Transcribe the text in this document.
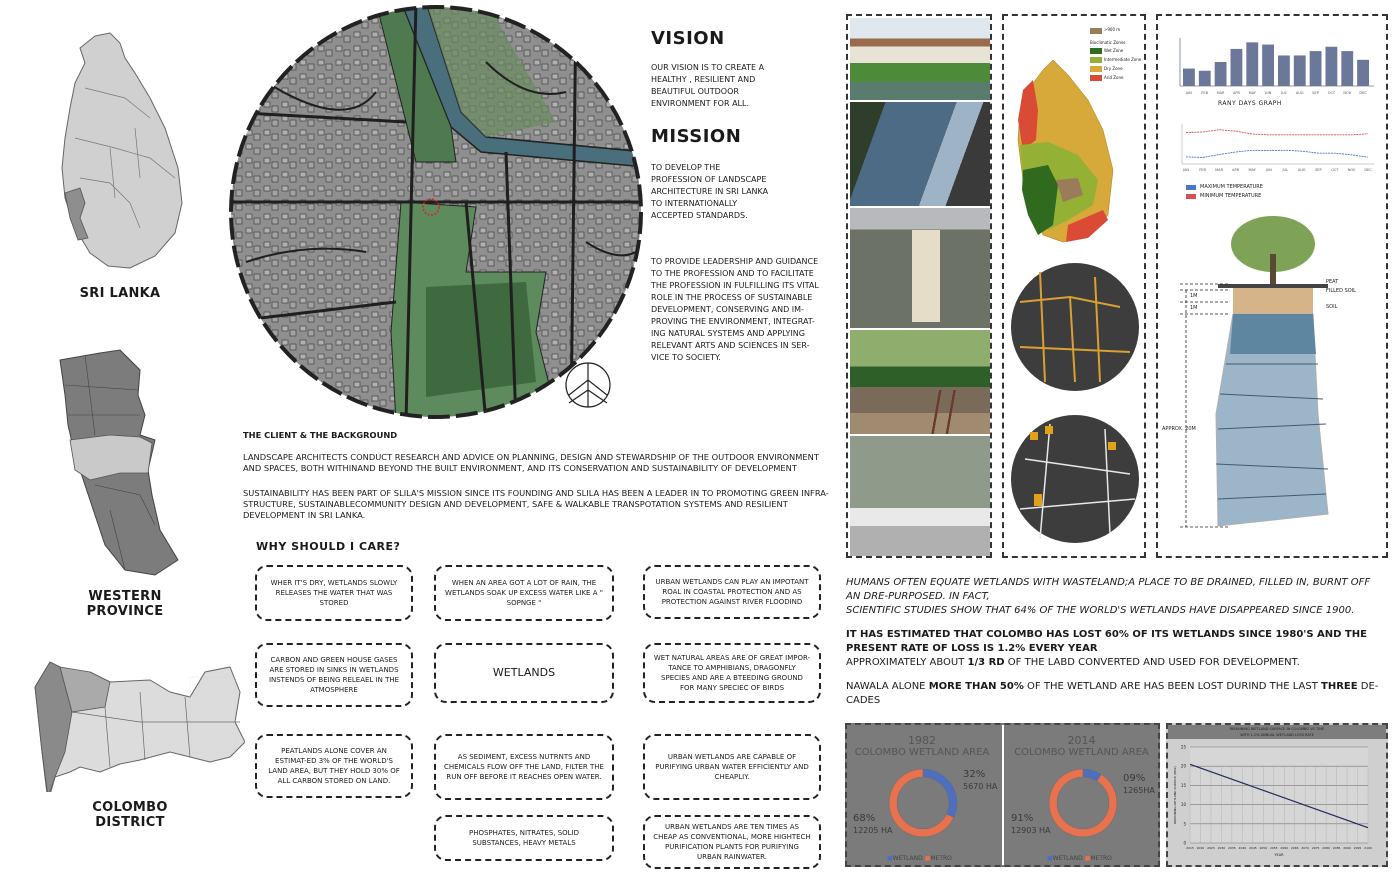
SRI LANKA
WESTERN PROVINCE
COLOMBO DISTRICT
VISION
OUR VISION IS TO CREATE A HEALTHY , RESILIENT AND BEAUTIFUL OUTDOOR ENVIRONMENT FOR ALL.
MISSION
TO DEVELOP THE PROFESSION OF LANDSCAPE ARCHITECTURE IN SRI LANKA TO INTERNATIONALLY ACCEPTED STANDARDS.
TO PROVIDE LEADERSHIP AND GUIDANCE TO THE PROFESSION AND TO FACILITATE THE PROFESSION IN FULFILLING ITS VITAL ROLE IN THE PROCESS OF SUSTAINABLE DEVELOPMENT, CONSERVING AND IM-PROVING THE ENVIRONMENT, INTEGRAT-ING NATURAL SYSTEMS AND APPLYING RELEVANT ARTS AND SCIENCES IN SER-VICE TO SOCIETY.
THE CLIENT & THE BACKGROUND
LANDSCAPE ARCHITECTS CONDUCT RESEARCH AND ADVICE ON PLANNING, DESIGN AND STEWARDSHIP OF THE OUTDOOR ENVIRONMENT AND SPACES, BOTH WITHINAND BEYOND THE BUILT ENVIRONMENT, AND ITS CONSERVATION AND SUSTAINABILITY OF DEVELOPMENT
SUSTAINABILITY HAS BEEN PART OF SLILA'S MISSION SINCE ITS FOUNDING AND SLILA HAS BEEN A LEADER IN TO PROMOTING GREEN INFRA-STRUCTURE, SUSTAINABLECOMMUNITY DESIGN AND DEVELOPMENT, SAFE & WALKABLE TRANSPOTATION SYSTEMS AND RESILIENT DEVELOPMENT IN SRI LANKA.
WHY SHOULD I CARE?
WHER IT'S DRY, WETLANDS SLOWLY RELEASES THE WATER THAT WAS STORED
WHEN AN AREA GOT A LOT OF RAIN, THE WETLANDS SOAK UP EXCESS WATER LIKE A " SOPNGE "
URBAN WETLANDS CAN PLAY AN IMPOTANT ROAL IN COASTAL PROTECTION AND AS PROTECTION AGAINST RIVER FLOODIND
CARBON AND GREEN HOUSE GASES ARE STORED IN SINKS IN WETLANDS INSTENDS OF BEING RELEAEL IN THE ATMOSPHERE
WETLANDS
WET NATURAL AREAS ARE OF GREAT IMPOR-TANCE TO AMPHIBIANS, DRAGONFLY SPECIES AND ARE A BTEEDING GROUND FOR MANY SPECIEC OF BIRDS
PEATLANDS ALONE COVER AN ESTIMAT-ED 3% OF THE WORLD'S LAND AREA, BUT THEY HOLD 30% OF ALL CARBON STORED ON LAND.
AS SEDIMENT, EXCESS NUTRNTS AND CHEMICALS FLOW OFF THE LAND, FILTER THE RUN OFF BEFORE IT REACHES OPEN WATER.
URBAN WETLANDS ARE CAPABLE OF PURIFYING URBAN WATER EFFICIENTLY AND CHEAPLIY.
PHOSPHATES, NITRATES, SOLID SUBSTANCES, HEAVY METALS
URBAN WETLANDS ARE TEN TIMES AS CHEAP AS CONVENTIONAL, MORE HIGHTECH PURIFICATION PLANTS FOR PURIFYING URBAN RAINWATER.
>900 m
Bioclimatic Zones
Wet Zone
Intermediate Zone
Dry Zone
Arid Zone
JAN	FEB MAR APR MAY	JUN	JUL	AUG SEP	OCT NOV DEC
RANY DAYS GRAPH
JAN	FEB	MAR	APR	MAY	JUN	JUL	AUG	SEP	OCT	NOV	DEC
MAXIMUM TEMPERATURE
MINIMUM TEMPERATURE
PEAT
FILLED SOIL
SOIL
1M
1M
APPROX. 20M
HUMANS OFTEN EQUATE WETLANDS WITH WASTELAND;A PLACE TO BE DRAINED, FILLED IN, BURNT OFF AN DRE-PURPOSED. IN FACT,
SCIENTIFIC STUDIES SHOW THAT 64% OF THE WORLD'S WETLANDS HAVE DISAPPEARED SINCE 1900.
IT HAS ESTIMATED THAT COLOMBO HAS LOST 60% OF ITS WETLANDS SINCE 1980'S AND THE PRESENT RATE OF LOSS IS 1.2% EVERY YEAR
APPROXIMATELY ABOUT 1/3 RD OF THE LABD CONVERTED AND USED FOR DEVELOPMENT.
NAWALA ALONE MORE THAN 50% OF THE WETLAND ARE HAS BEEN LOST DURIND THE LAST THREE DE-CADES
1982
COLOMBO WETLAND AREA
32%
5670 HA
68%
12205 HA
■WETLAND ■METRO
2014
COLOMBO WETLAND AREA
09%
1265HA
91%
12903 HA
■WETLAND ■METRO
REMAINING WETLAND SURFACE IN COLOMBO VS TIME
WITH 1.2% ANNUAL WETLAND LOSS RATE
0
5
10
15
20
25
2015 2020 2025 2030 2035 2040 2045 2050 2055 2060 2065 2070 2075 2080 2085 2090 2095 2100
YEAR
REMAINING WETLAND SURFACE (KM2)
